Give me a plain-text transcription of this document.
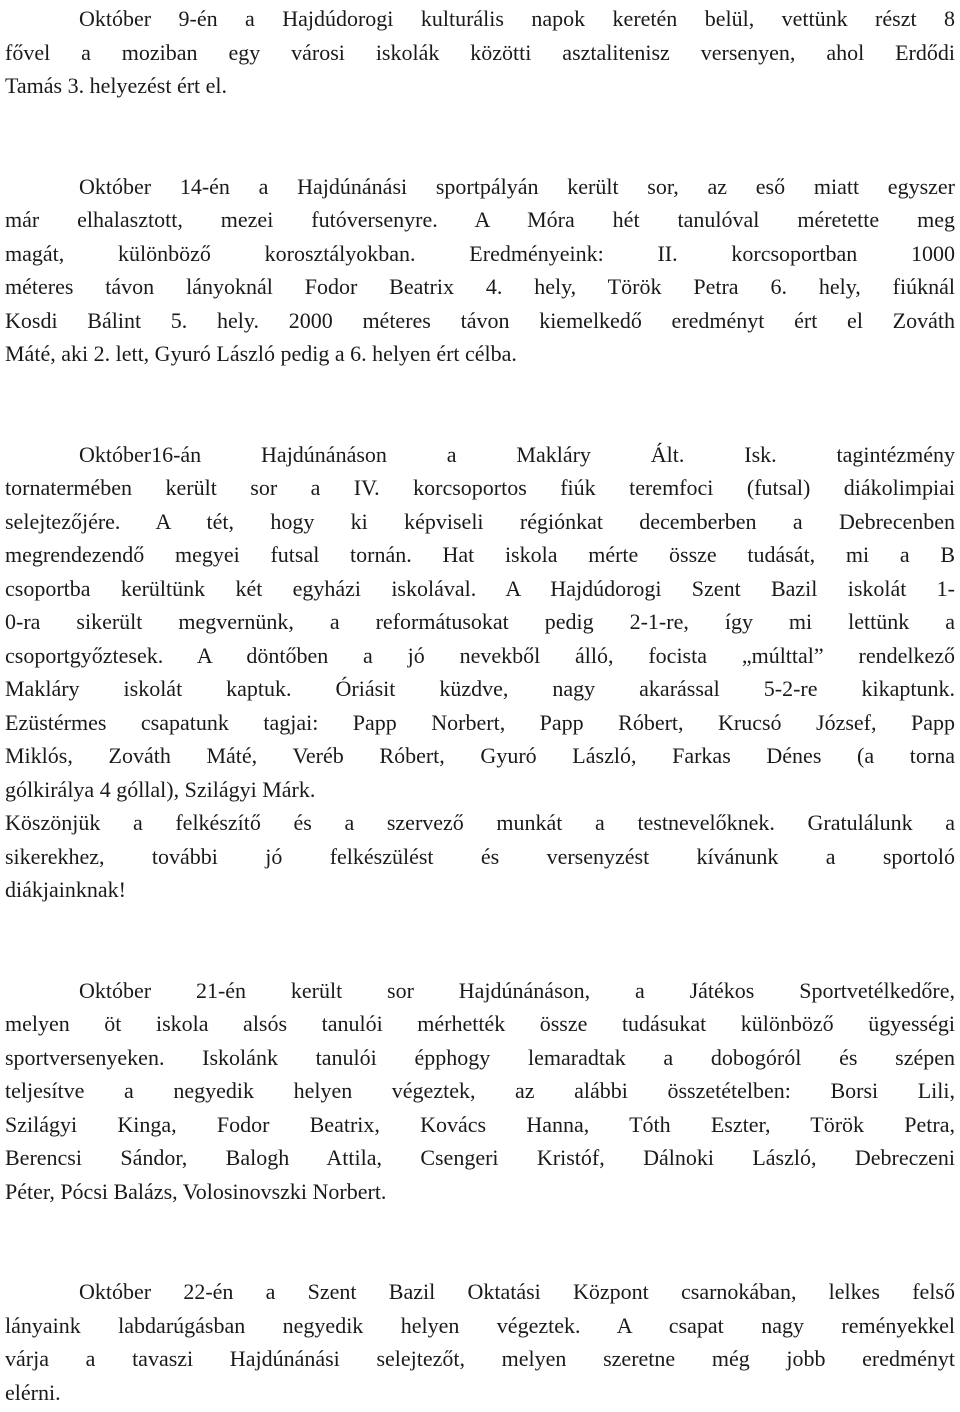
Október 9-én a Hajdúdorogi kulturális napok keretén belül, vettünk részt 8
fővel a moziban egy városi iskolák közötti asztalitenisz versenyen, ahol Erdődi
Tamás 3. helyezést ért el.
Október 14-én a Hajdúnánási sportpályán került sor, az eső miatt egyszer
már elhalasztott, mezei futóversenyre. A Móra hét tanulóval méretette meg
magát, különböző korosztályokban. Eredményeink: II. korcsoportban 1000
méteres távon lányoknál Fodor Beatrix 4. hely, Török Petra 6. hely, fiúknál
Kosdi Bálint 5. hely. 2000 méteres távon kiemelkedő eredményt ért el Zováth
Máté, aki 2. lett, Gyuró László pedig a 6. helyen ért célba.
Október16-án Hajdúnánáson a Makláry Ált. Isk. tagintézmény
tornatermében került sor a IV. korcsoportos fiúk teremfoci (futsal) diákolimpiai
selejtezőjére. A tét, hogy ki képviseli régiónkat decemberben a Debrecenben
megrendezendő megyei futsal tornán. Hat iskola mérte össze tudását, mi a B
csoportba kerültünk két egyházi iskolával. A Hajdúdorogi Szent Bazil iskolát 1-
0-ra sikerült megvernünk, a reformátusokat pedig 2-1-re, így mi lettünk a
csoportgyőztesek. A döntőben a jó nevekből álló, focista „múlttal” rendelkező
Makláry iskolát kaptuk. Óriásit küzdve, nagy akarással 5-2-re kikaptunk.
Ezüstérmes csapatunk tagjai: Papp Norbert, Papp Róbert, Krucsó József, Papp
Miklós, Zováth Máté, Veréb Róbert, Gyuró László, Farkas Dénes (a torna
gólkirálya 4 góllal), Szilágyi Márk.
Köszönjük a felkészítő és a szervező munkát a testnevelőknek. Gratulálunk a
sikerekhez, további jó felkészülést és versenyzést kívánunk a sportoló
diákjainknak!
Október 21-én került sor Hajdúnánáson, a Játékos Sportvetélkedőre,
melyen öt iskola alsós tanulói mérhették össze tudásukat különböző ügyességi
sportversenyeken. Iskolánk tanulói épphogy lemaradtak a dobogóról és szépen
teljesítve a negyedik helyen végeztek, az alábbi összetételben: Borsi Lili,
Szilágyi Kinga, Fodor Beatrix, Kovács Hanna, Tóth Eszter, Török Petra,
Berencsi Sándor, Balogh Attila, Csengeri Kristóf, Dálnoki László, Debreczeni
Péter, Pócsi Balázs, Volosinovszki Norbert.
Október 22-én a Szent Bazil Oktatási Központ csarnokában, lelkes felső
lányaink labdarúgásban negyedik helyen végeztek. A csapat nagy reményekkel
várja a tavaszi Hajdúnánási selejtezőt, melyen szeretne még jobb eredményt
elérni.
